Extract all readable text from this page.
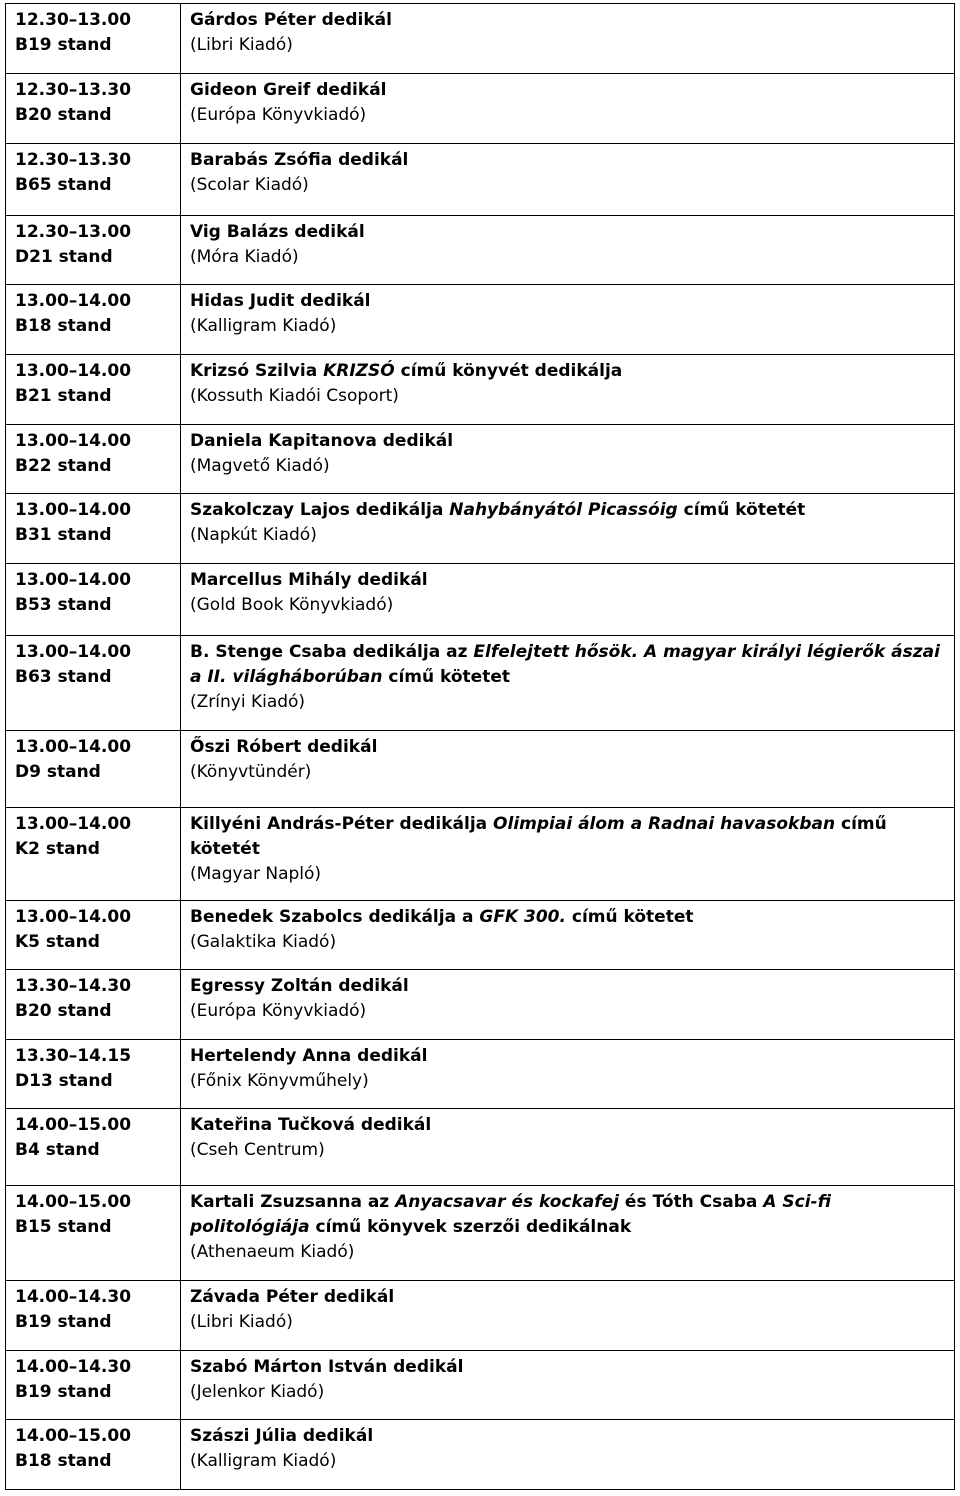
12.30–13.00
B19 stand	Gárdos Péter dedikál
(Libri Kiadó)

12.30–13.30
B20 stand	Gideon Greif dedikál
(Európa Könyvkiadó)

12.30–13.30
B65 stand	Barabás Zsófia dedikál
(Scolar Kiadó)

12.30–13.00
D21 stand	Vig Balázs dedikál
(Móra Kiadó)

13.00–14.00
B18 stand	Hidas Judit dedikál
(Kalligram Kiadó)

13.00–14.00
B21 stand	Krizsó Szilvia KRIZSÓ című könyvét dedikálja
(Kossuth Kiadói Csoport)

13.00–14.00
B22 stand	Daniela Kapitanova dedikál
(Magvető Kiadó)

13.00–14.00
B31 stand	Szakolczay Lajos dedikálja Nahybányától Picassóig című kötetét
(Napkút Kiadó)

13.00–14.00
B53 stand	Marcellus Mihály dedikál
(Gold Book Könyvkiadó)

13.00–14.00
B63 stand	B. Stenge Csaba dedikálja az Elfelejtett hősök. A magyar királyi légierők ászai a II. világháborúban című kötetet
(Zrínyi Kiadó)

13.00–14.00
D9 stand	Őszi Róbert dedikál
(Könyvtündér)

13.00–14.00
K2 stand	Killyéni András-Péter dedikálja Olimpiai álom a Radnai havasokban című kötetét
(Magyar Napló)

13.00–14.00
K5 stand	Benedek Szabolcs dedikálja a GFK 300. című kötetet
(Galaktika Kiadó)

13.30–14.30
B20 stand	Egressy Zoltán dedikál
(Európa Könyvkiadó)

13.30–14.15
D13 stand	Hertelendy Anna dedikál
(Főnix Könyvműhely)

14.00–15.00
B4 stand	Kateřina Tučková dedikál
(Cseh Centrum)

14.00–15.00
B15 stand	Kartali Zsuzsanna az Anyacsavar és kockafej és Tóth Csaba A Sci-fi politológiája című könyvek szerzői dedikálnak
(Athenaeum Kiadó)

14.00–14.30
B19 stand	Závada Péter dedikál
(Libri Kiadó)

14.00–14.30
B19 stand	Szabó Márton István dedikál
(Jelenkor Kiadó)

14.00–15.00
B18 stand	Szászi Júlia dedikál
(Kalligram Kiadó)
